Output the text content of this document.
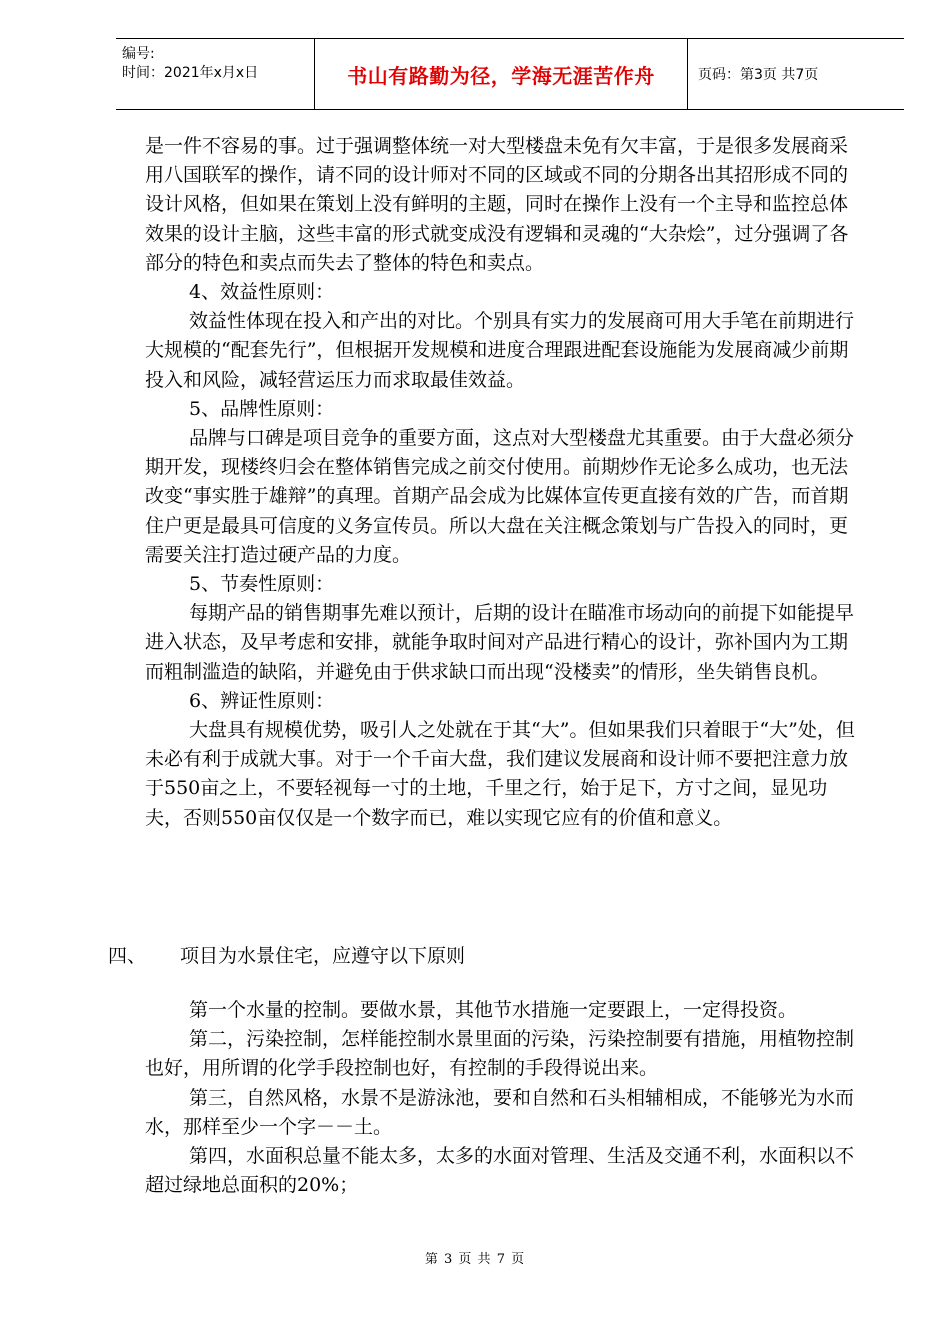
编号:
时间：2021年x月x日	书山有路勤为径，学海无涯苦作舟	页码：第3页 共7页

是一件不容易的事。过于强调整体统一对大型楼盘未免有欠丰富，于是很多发展商采用八国联军的操作，请不同的设计师对不同的区域或不同的分期各出其招形成不同的设计风格，但如果在策划上没有鲜明的主题，同时在操作上没有一个主导和监控总体效果的设计主脑，这些丰富的形式就变成没有逻辑和灵魂的“大杂烩”，过分强调了各部分的特色和卖点而失去了整体的特色和卖点。

4、效益性原则：

效益性体现在投入和产出的对比。个别具有实力的发展商可用大手笔在前期进行大规模的“配套先行”，但根据开发规模和进度合理跟进配套设施能为发展商减少前期投入和风险，减轻营运压力而求取最佳效益。

5、品牌性原则：

品牌与口碑是项目竞争的重要方面，这点对大型楼盘尤其重要。由于大盘必须分期开发，现楼终归会在整体销售完成之前交付使用。前期炒作无论多么成功，也无法改变“事实胜于雄辩”的真理。首期产品会成为比媒体宣传更直接有效的广告，而首期住户更是最具可信度的义务宣传员。所以大盘在关注概念策划与广告投入的同时，更需要关注打造过硬产品的力度。

5、节奏性原则：

每期产品的销售期事先难以预计，后期的设计在瞄准市场动向的前提下如能提早进入状态，及早考虑和安排，就能争取时间对产品进行精心的设计，弥补国内为工期而粗制滥造的缺陷，并避免由于供求缺口而出现“没楼卖”的情形，坐失销售良机。

6、辨证性原则：

大盘具有规模优势，吸引人之处就在于其“大”。但如果我们只着眼于“大”处，但未必有利于成就大事。对于一个千亩大盘，我们建议发展商和设计师不要把注意力放于550亩之上，不要轻视每一寸的土地，千里之行，始于足下，方寸之间，显见功夫，否则550亩仅仅是一个数字而已，难以实现它应有的价值和意义。

四、 项目为水景住宅，应遵守以下原则

第一个水量的控制。要做水景，其他节水措施一定要跟上，一定得投资。

第二，污染控制，怎样能控制水景里面的污染，污染控制要有措施，用植物控制也好，用所谓的化学手段控制也好，有控制的手段得说出来。

第三，自然风格，水景不是游泳池，要和自然和石头相辅相成，不能够光为水而水，那样至少一个字－－土。

第四，水面积总量不能太多，太多的水面对管理、生活及交通不利，水面积以不超过绿地总面积的20%；

第 3 页 共 7 页
